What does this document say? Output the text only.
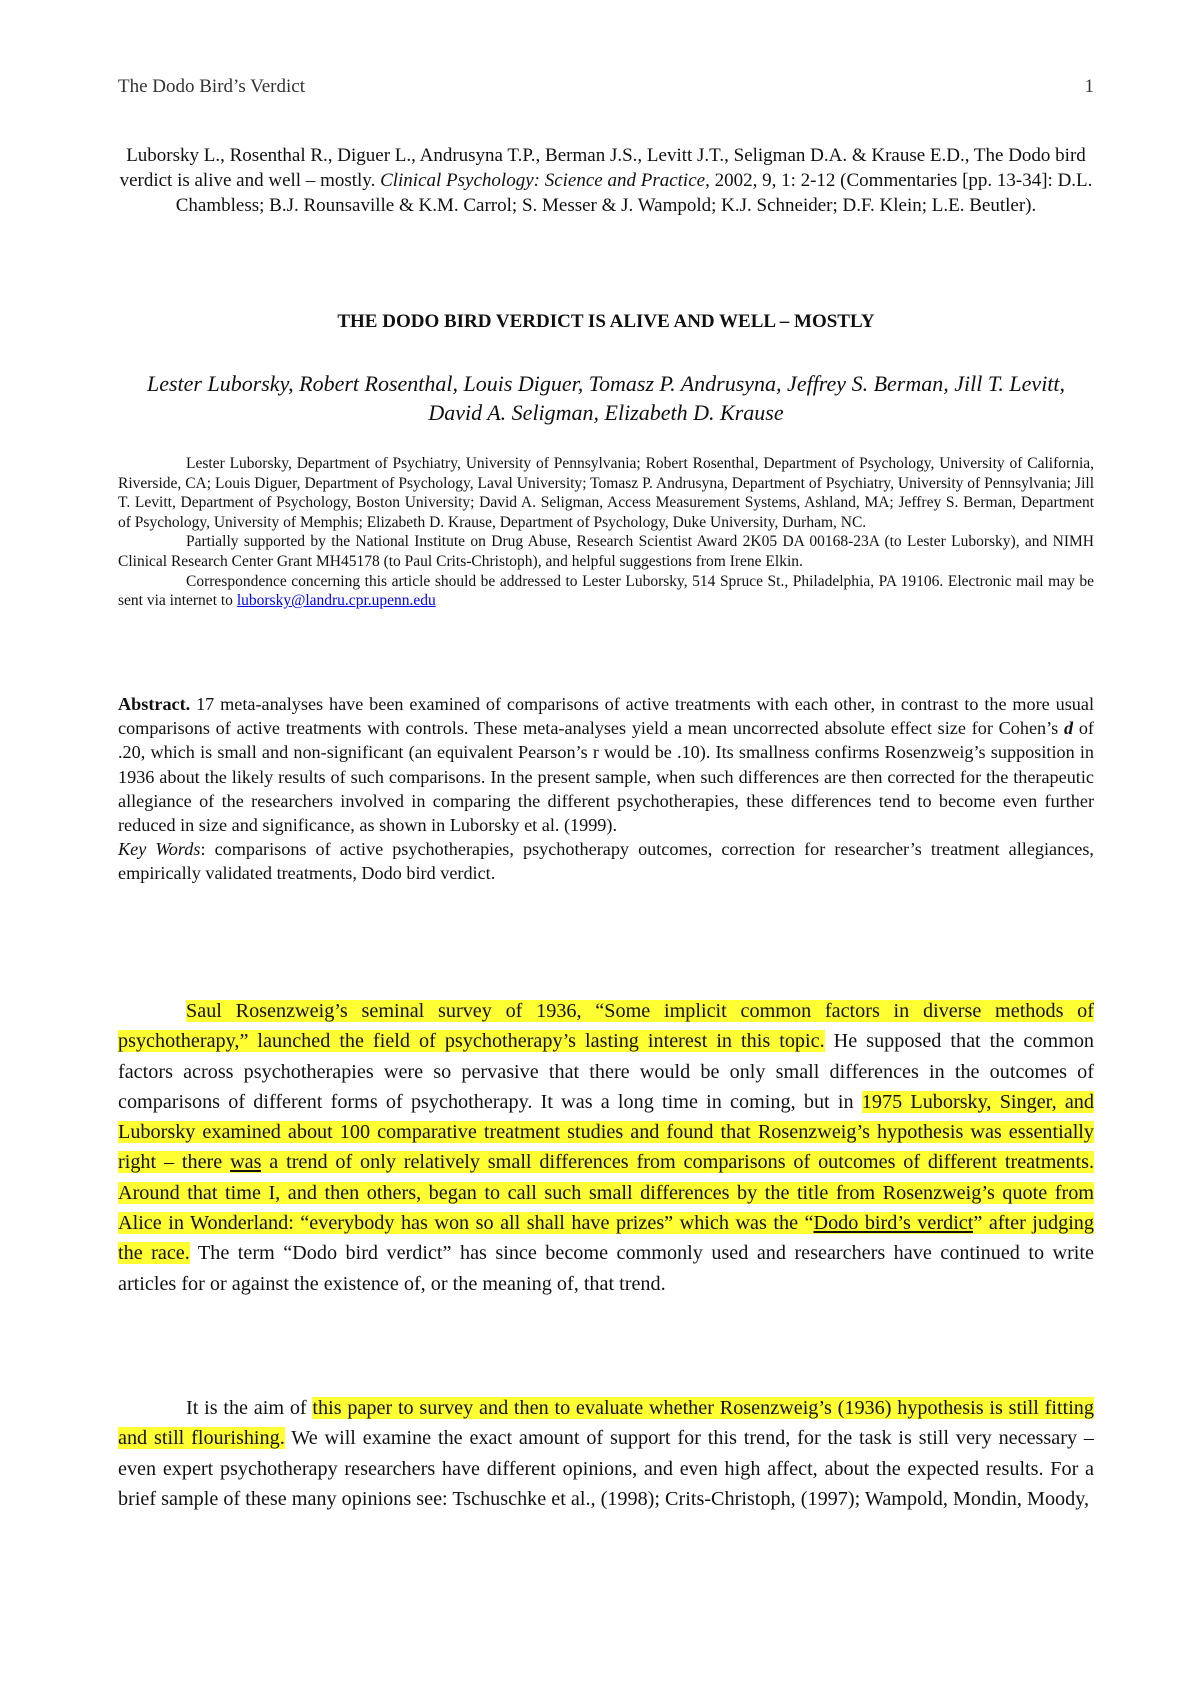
The Dodo Bird’s Verdict	1
Luborsky L., Rosenthal R., Diguer L., Andrusyna T.P., Berman J.S., Levitt J.T., Seligman D.A. & Krause E.D., The Dodo bird verdict is alive and well – mostly. Clinical Psychology: Science and Practice, 2002, 9, 1: 2-12 (Commentaries [pp. 13-34]: D.L. Chambless; B.J. Rounsaville & K.M. Carrol; S. Messer & J. Wampold; K.J. Schneider; D.F. Klein; L.E. Beutler).
THE DODO BIRD VERDICT IS ALIVE AND WELL – MOSTLY
Lester Luborsky, Robert Rosenthal, Louis Diguer, Tomasz P. Andrusyna, Jeffrey S. Berman, Jill T. Levitt, David A. Seligman, Elizabeth D. Krause

Lester Luborsky, Department of Psychiatry, University of Pennsylvania; Robert Rosenthal, Department of Psychology, University of California, Riverside, CA; Louis Diguer, Department of Psychology, Laval University; Tomasz P. Andrusyna, Department of Psychiatry, University of Pennsylvania; Jill T. Levitt, Department of Psychology, Boston University; David A. Seligman, Access Measurement Systems, Ashland, MA; Jeffrey S. Berman, Department of Psychology, University of Memphis; Elizabeth D. Krause, Department of Psychology, Duke University, Durham, NC.

Partially supported by the National Institute on Drug Abuse, Research Scientist Award 2K05 DA 00168-23A (to Lester Luborsky), and NIMH Clinical Research Center Grant MH45178 (to Paul Crits-Christoph), and helpful suggestions from Irene Elkin.

Correspondence concerning this article should be addressed to Lester Luborsky, 514 Spruce St., Philadelphia, PA 19106. Electronic mail may be sent via internet to luborsky@landru.cpr.upenn.edu

Abstract. 17 meta-analyses have been examined of comparisons of active treatments with each other, in contrast to the more usual comparisons of active treatments with controls. These meta-analyses yield a mean uncorrected absolute effect size for Cohen’s d of .20, which is small and non-significant (an equivalent Pearson’s r would be .10). Its smallness confirms Rosenzweig’s supposition in 1936 about the likely results of such comparisons. In the present sample, when such differences are then corrected for the therapeutic allegiance of the researchers involved in comparing the different psychotherapies, these differences tend to become even further reduced in size and significance, as shown in Luborsky et al. (1999).

Key Words: comparisons of active psychotherapies, psychotherapy outcomes, correction for researcher’s treatment allegiances, empirically validated treatments, Dodo bird verdict.

Saul Rosenzweig’s seminal survey of 1936, “Some implicit common factors in diverse methods of psychotherapy,” launched the field of psychotherapy’s lasting interest in this topic. He supposed that the common factors across psychotherapies were so pervasive that there would be only small differences in the outcomes of comparisons of different forms of psychotherapy. It was a long time in coming, but in 1975 Luborsky, Singer, and Luborsky examined about 100 comparative treatment studies and found that Rosenzweig’s hypothesis was essentially right – there was a trend of only relatively small differences from comparisons of outcomes of different treatments. Around that time I, and then others, began to call such small differences by the title from Rosenzweig’s quote from Alice in Wonderland: “everybody has won so all shall have prizes” which was the “Dodo bird’s verdict” after judging the race. The term “Dodo bird verdict” has since become commonly used and researchers have continued to write articles for or against the existence of, or the meaning of, that trend.

It is the aim of this paper to survey and then to evaluate whether Rosenzweig’s (1936) hypothesis is still fitting and still flourishing. We will examine the exact amount of support for this trend, for the task is still very necessary – even expert psychotherapy researchers have different opinions, and even high affect, about the expected results. For a brief sample of these many opinions see: Tschuschke et al., (1998); Crits-Christoph, (1997); Wampold, Mondin, Moody,
